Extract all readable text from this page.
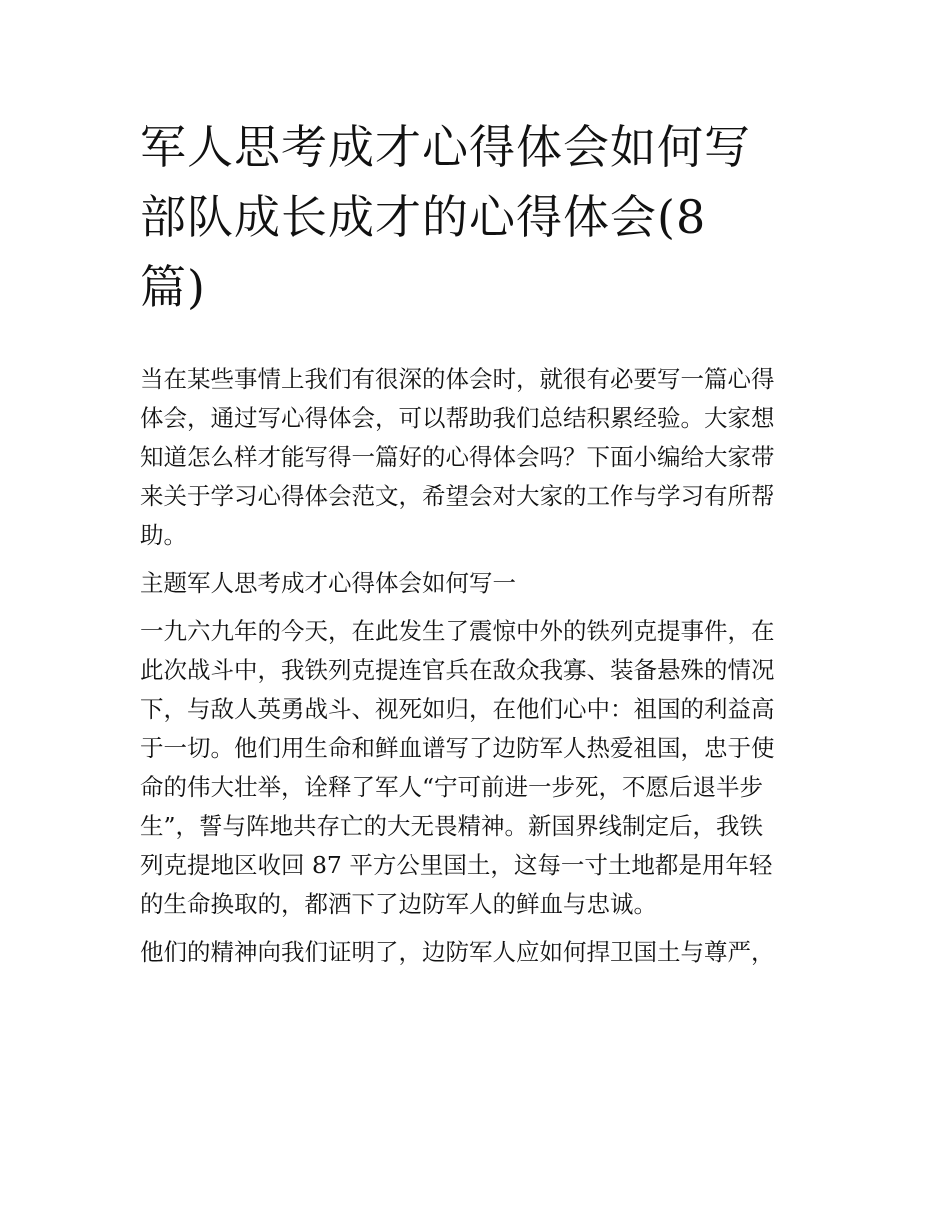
军人思考成才心得体会如何写
部队成长成才的心得体会(8
篇)

当在某些事情上我们有很深的体会时，就很有必要写一篇心得
体会，通过写心得体会，可以帮助我们总结积累经验。大家想
知道怎么样才能写得一篇好的心得体会吗？下面小编给大家带
来关于学习心得体会范文，希望会对大家的工作与学习有所帮
助。

主题军人思考成才心得体会如何写一

一九六九年的今天，在此发生了震惊中外的铁列克提事件，在
此次战斗中，我铁列克提连官兵在敌众我寡、装备悬殊的情况
下，与敌人英勇战斗、视死如归，在他们心中：祖国的利益高
于一切。他们用生命和鲜血谱写了边防军人热爱祖国，忠于使
命的伟大壮举，诠释了军人“宁可前进一步死，不愿后退半步
生”，誓与阵地共存亡的大无畏精神。新国界线制定后，我铁
列克提地区收回 87 平方公里国土，这每一寸土地都是用年轻
的生命换取的，都洒下了边防军人的鲜血与忠诚。

他们的精神向我们证明了，边防军人应如何捍卫国土与尊严，
